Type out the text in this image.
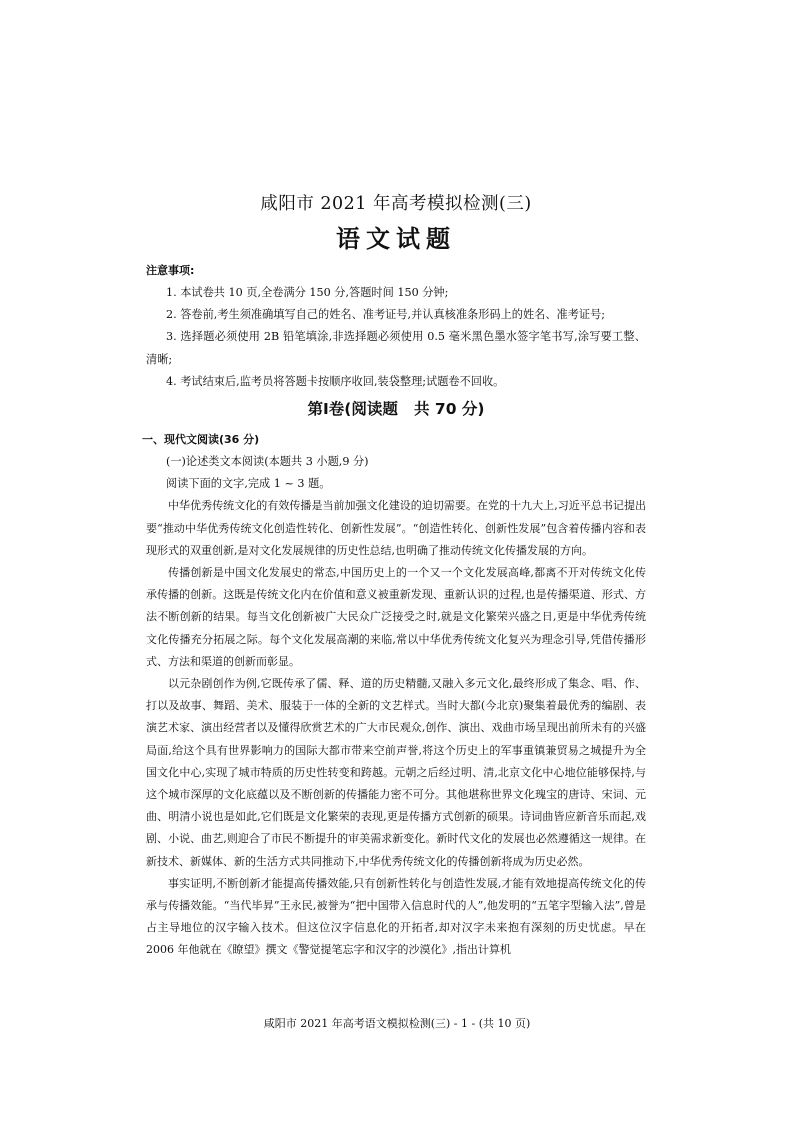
咸阳市 2021 年高考模拟检测(三)
语文试题
注意事项:

1. 本试卷共 10 页,全卷满分 150 分,答题时间 150 分钟;

2. 答卷前,考生须准确填写自己的姓名、准考证号,并认真核准条形码上的姓名、准考证号;

3. 选择题必须使用 2B 铅笔填涂,非选择题必须使用 0.5 毫米黑色墨水签字笔书写,涂写要工整、清晰;

4. 考试结束后,监考员将答题卡按顺序收回,装袋整理;试题卷不回收。

第Ⅰ卷(阅读题   共 70 分)
一、现代文阅读(36 分)

(一)论述类文本阅读(本题共 3 小题,9 分)

阅读下面的文字,完成 1 ~ 3 题。

中华优秀传统文化的有效传播是当前加强文化建设的迫切需要。在党的十九大上,习近平总书记提出要“推动中华优秀传统文化创造性转化、创新性发展”。“创造性转化、创新性发展”包含着传播内容和表现形式的双重创新,是对文化发展规律的历史性总结,也明确了推动传统文化传播发展的方向。

传播创新是中国文化发展史的常态,中国历史上的一个又一个文化发展高峰,都离不开对传统文化传承传播的创新。这既是传统文化内在价值和意义被重新发现、重新认识的过程,也是传播渠道、形式、方法不断创新的结果。每当文化创新被广大民众广泛接受之时,就是文化繁荣兴盛之日,更是中华优秀传统文化传播充分拓展之际。每个文化发展高潮的来临,常以中华优秀传统文化复兴为理念引导,凭借传播形式、方法和渠道的创新而彰显。

以元杂剧创作为例,它既传承了儒、释、道的历史精髓,又融入多元文化,最终形成了集念、唱、作、打以及故事、舞蹈、美术、服装于一体的全新的文艺样式。当时大都(今北京)聚集着最优秀的编剧、表演艺术家、演出经营者以及懂得欣赏艺术的广大市民观众,创作、演出、戏曲市场呈现出前所未有的兴盛局面,给这个具有世界影响力的国际大都市带来空前声誉,将这个历史上的军事重镇兼贸易之城提升为全国文化中心,实现了城市特质的历史性转变和跨越。元朝之后经过明、清,北京文化中心地位能够保持,与这个城市深厚的文化底蕴以及不断创新的传播能力密不可分。其他堪称世界文化瑰宝的唐诗、宋词、元曲、明清小说也是如此,它们既是文化繁荣的表现,更是传播方式创新的硕果。诗词曲皆应新音乐而起,戏剧、小说、曲艺,则迎合了市民不断提升的审美需求新变化。新时代文化的发展也必然遵循这一规律。在新技术、新媒体、新的生活方式共同推动下,中华优秀传统文化的传播创新将成为历史必然。

事实证明,不断创新才能提高传播效能,只有创新性转化与创造性发展,才能有效地提高传统文化的传承与传播效能。“当代毕昇”王永民,被誉为“把中国带入信息时代的人”,他发明的“五笔字型输入法”,曾是占主导地位的汉字输入技术。但这位汉字信息化的开拓者,却对汉字未来抱有深刻的历史忧虑。早在 2006 年他就在《瞭望》撰文《警觉提笔忘字和汉字的沙漠化》,指出计算机

咸阳市 2021 年高考语文模拟检测(三) - 1 - (共 10 页)
